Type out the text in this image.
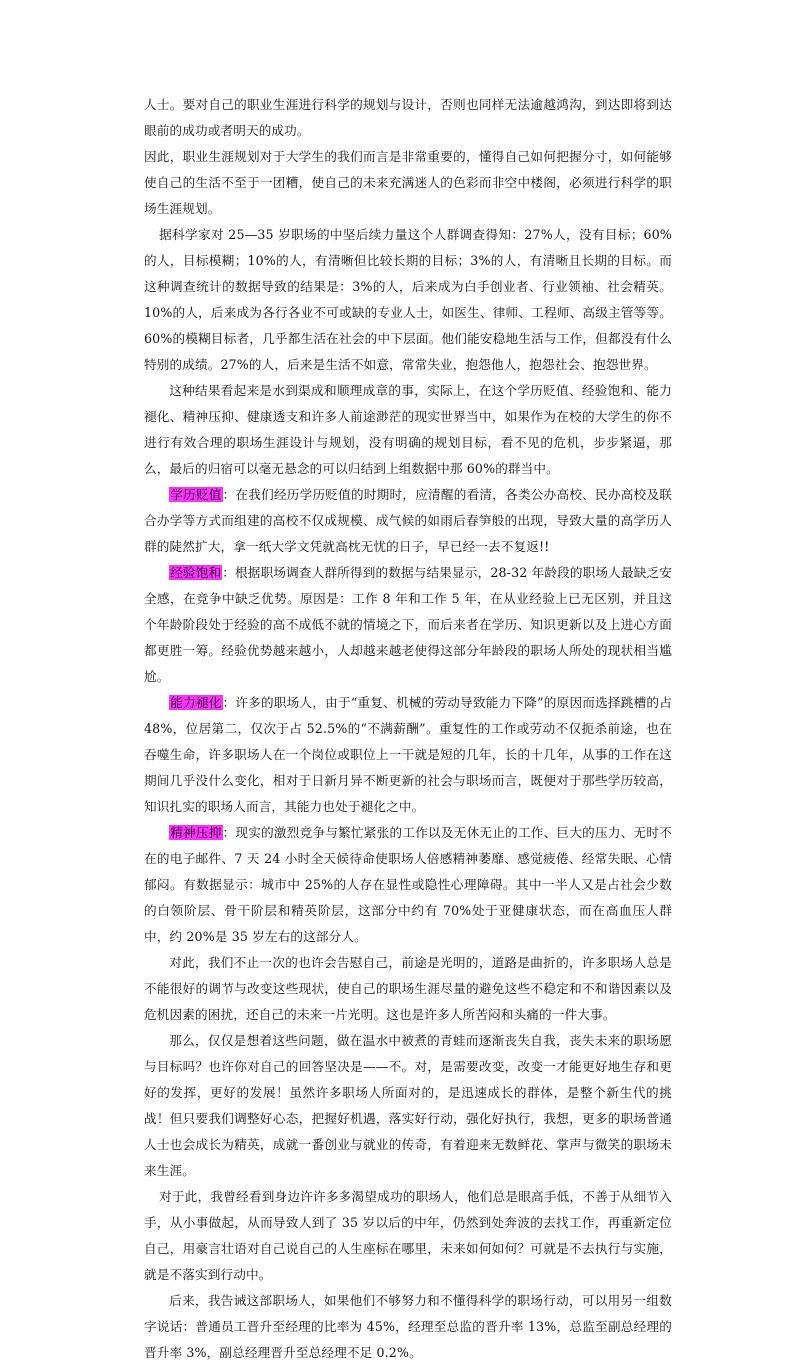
人士。要对自己的职业生涯进行科学的规划与设计，否则也同样无法逾越鸿沟，到达即将到达眼前的成功或者明天的成功。

因此，职业生涯规划对于大学生的我们而言是非常重要的，懂得自己如何把握分寸，如何能够使自己的生活不至于一团糟，使自己的未来充满迷人的色彩而非空中楼阁，必须进行科学的职场生涯规划。

据科学家对 25—35 岁职场的中坚后续力量这个人群调查得知：27%人，没有目标；60%的人，目标模糊；10%的人，有清晰但比较长期的目标；3%的人，有清晰且长期的目标。而这种调查统计的数据导致的结果是：3%的人，后来成为白手创业者、行业领袖、社会精英。10%的人，后来成为各行各业不可或缺的专业人士，如医生、律师、工程师、高级主管等等。60%的模糊目标者，几乎都生活在社会的中下层面。他们能安稳地生活与工作，但都没有什么特别的成绩。27%的人，后来是生活不如意，常常失业，抱怨他人，抱怨社会、抱怨世界。

这种结果看起来是水到渠成和顺理成章的事，实际上，在这个学历贬值、经验饱和、能力褪化、精神压抑、健康透支和许多人前途渺茫的现实世界当中，如果作为在校的大学生的你不进行有效合理的职场生涯设计与规划，没有明确的规划目标，看不见的危机，步步紧逼，那么，最后的归宿可以毫无悬念的可以归结到上组数据中那 60%的群当中。

学历贬值：在我们经历学历贬值的时期时，应清醒的看清，各类公办高校、民办高校及联合办学等方式而组建的高校不仅成规模、成气候的如雨后春笋般的出现，导致大量的高学历人群的陡然扩大，拿一纸大学文凭就高枕无忧的日子，早已经一去不复返!!

经验饱和：根据职场调查人群所得到的数据与结果显示，28-32 年龄段的职场人最缺乏安全感，在竞争中缺乏优势。原因是：工作 8 年和工作 5 年，在从业经验上已无区别，并且这个年龄阶段处于经验的高不成低不就的情境之下，而后来者在学历、知识更新以及上进心方面都更胜一筹。经验优势越来越小，人却越来越老使得这部分年龄段的职场人所处的现状相当尴尬。

能力褪化：许多的职场人，由于“重复、机械的劳动导致能力下降”的原因而选择跳槽的占 48%，位居第二，仅次于占 52.5%的“不满薪酬”。重复性的工作或劳动不仅扼杀前途，也在吞噬生命，许多职场人在一个岗位或职位上一干就是短的几年，长的十几年，从事的工作在这期间几乎没什么变化，相对于日新月异不断更新的社会与职场而言，既便对于那些学历较高，知识扎实的职场人而言，其能力也处于褪化之中。

精神压抑：现实的激烈竞争与繁忙紧张的工作以及无休无止的工作、巨大的压力、无时不在的电子邮件、7 天 24 小时全天候待命使职场人倍感精神萎靡、感觉疲倦、经常失眠、心情郁闷。有数据显示：城市中 25%的人存在显性或隐性心理障碍。其中一半人又是占社会少数的白领阶层、骨干阶层和精英阶层，这部分中约有 70%处于亚健康状态，而在高血压人群中，约 20%是 35 岁左右的这部分人。

对此，我们不止一次的也许会告慰自己，前途是光明的，道路是曲折的，许多职场人总是不能很好的调节与改变这些现状，使自己的职场生涯尽量的避免这些不稳定和不和谐因素以及危机因素的困扰，还自己的未来一片光明。这也是许多人所苦闷和头痛的一件大事。

那么，仅仅是想着这些问题，做在温水中被煮的青蛙而逐渐丧失自我，丧失未来的职场愿与目标吗？也许你对自己的回答坚决是——不。对，是需要改变，改变一才能更好地生存和更好的发挥，更好的发展！虽然许多职场人所面对的，是迅速成长的群体，是整个新生代的挑战！但只要我们调整好心态，把握好机遇，落实好行动，强化好执行，我想，更多的职场普通人士也会成长为精英，成就一番创业与就业的传奇，有着迎来无数鲜花、掌声与微笑的职场未来生涯。

对于此，我曾经看到身边许许多多渴望成功的职场人，他们总是眼高手低，不善于从细节入手，从小事做起，从而导致人到了 35 岁以后的中年，仍然到处奔波的去找工作，再重新定位自己，用豪言壮语对自己说自己的人生座标在哪里，未来如何如何？可就是不去执行与实施，就是不落实到行动中。

后来，我告诫这部职场人，如果他们不够努力和不懂得科学的职场行动，可以用另一组数字说话：普通员工晋升至经理的比率为 45%，经理至总监的晋升率 13%，总监至副总经理的晋升率 3%，副总经理晋升至总经理不足 0.2%。
